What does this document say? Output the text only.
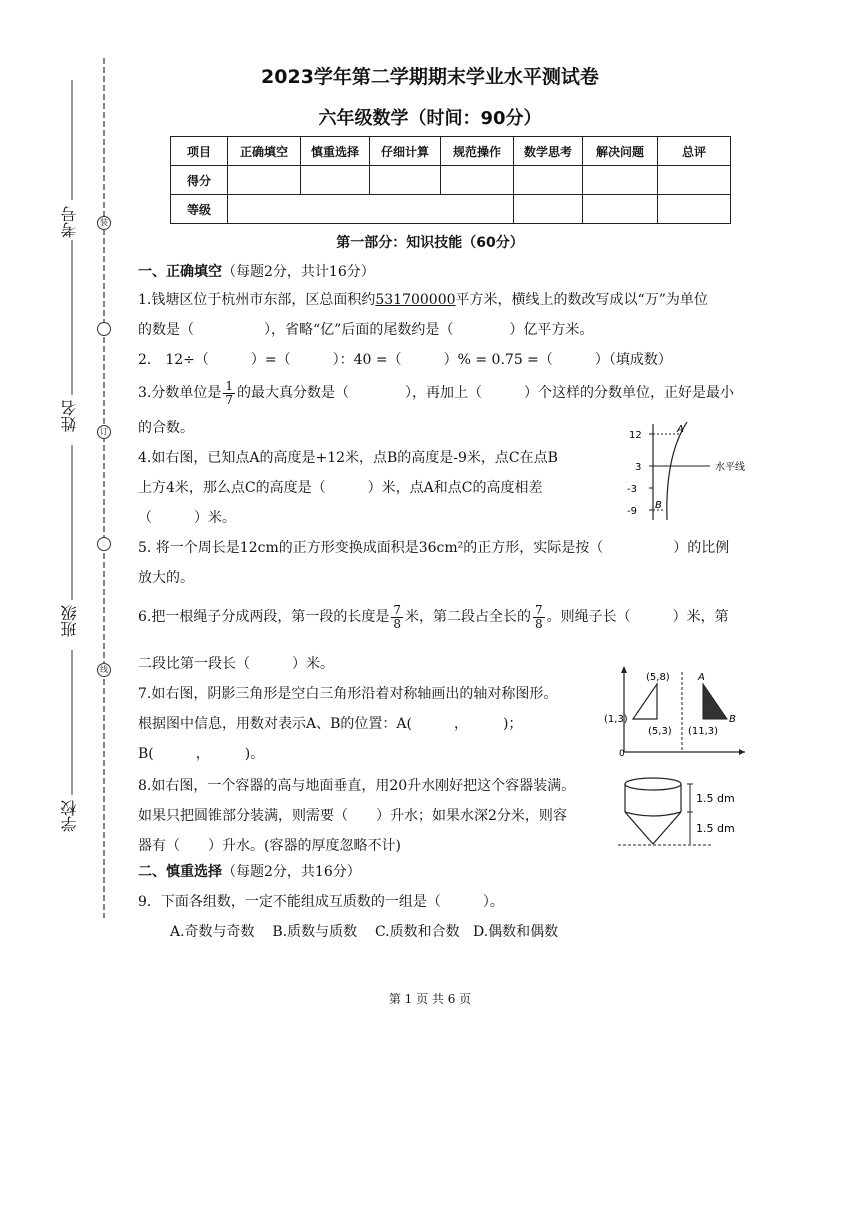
考号
姓名
班级
学校
装
订
线
2023学年第二学期期末学业水平测试卷
六年级数学（时间：90分）
项目	正确填空	慎重选择	仔细计算	规范操作	数学思考	解决问题	总评
得分							
等级							
第一部分：知识技能（60分）
一、正确填空（每题2分，共计16分）
1.钱塘区位于杭州市东部，区总面积约531700000平方米，横线上的数改写成以“万”为单位
的数是（　　　　　），省略“亿”后面的尾数约是（　　　　）亿平方米。
2.　12÷（　　　）=（　　　）：40 =（　　　）% = 0.75 =（　　　）（填成数）
3.分数单位是 $\frac{1}{7}$ 的最大真分数是（　　　　），再加上（　　　）个这样的分数单位，正好是最小
的合数。
4.如右图，已知点A的高度是+12米，点B的高度是-9米，点C在点B
上方4米，那么点C的高度是（　　　）米，点A和点C的高度相差
（　　　）米。
12
3
-3
-9
A
B
水平线
5. 将一个周长是12cm的正方形变换成面积是36cm²的正方形，实际是按（　　　　　）的比例
放大的。
6.把一根绳子分成两段，第一段的长度是 $\frac{7}{8}$ 米，第二段占全长的 $\frac{7}{8}$ 。则绳子长（　　　）米，第
二段比第一段长（　　　）米。
7.如右图，阴影三角形是空白三角形沿着对称轴画出的轴对称图形。
根据图中信息，用数对表示A、B的位置：A(　　　，　　　)；
B(　　　，　　　)。
(5,8)
(1,3)
(5,3) (11,3)
A
B
0
8.如右图，一个容器的高与地面垂直，用20升水刚好把这个容器装满。
如果只把圆锥部分装满，则需要（　　）升水；如果水深2分米，则容
器有（　　）升水。(容器的厚度忽略不计)
1.5 dm
1.5 dm
二、慎重选择（每题2分，共16分）
9．下面各组数，一定不能组成互质数的一组是（　　　）。
A.奇数与奇数 B.质数与质数 C.质数和合数 D.偶数和偶数
第 1 页 共 6 页
